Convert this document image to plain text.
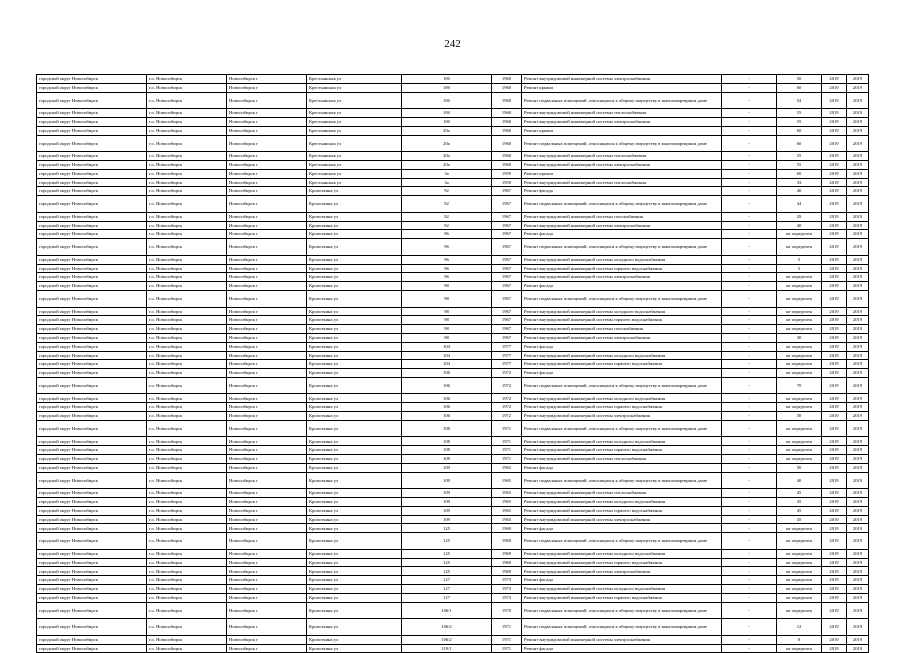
242
городской округ Новосибирск	г.о. Новосибирск	Новосибирск г	Крестьянская ул	18б	1960	Ремонт внутридомовой инженерной системы электроснабжения	-	50	2019	2019
городской округ Новосибирск	г.о. Новосибирск	Новосибирск г	Крестьянская ул	18б	1960	Ремонт крыши	-	60	2019	2019
городской округ Новосибирск	г.о. Новосибирск	Новосибирск г	Крестьянская ул	18б	1960	Ремонт подвальных помещений, относящихся к общему имуществу в многоквартирном доме	-	54	2019	2019
городской округ Новосибирск	г.о. Новосибирск	Новосибирск г	Крестьянская ул	18б	1960	Ремонт внутридомовой инженерной системы теплоснабжения	-	55	2019	2019
городской округ Новосибирск	г.о. Новосибирск	Новосибирск г	Крестьянская ул	18б	1960	Ремонт внутридомовой инженерной системы электроснабжения	-	55	2019	2019
городской округ Новосибирск	г.о. Новосибирск	Новосибирск г	Крестьянская ул	20а	1960	Ремонт крыши	-	60	2019	2019
городской округ Новосибирск	г.о. Новосибирск	Новосибирск г	Крестьянская ул	20а	1960	Ремонт подвальных помещений, относящихся к общему имуществу в многоквартирном доме	-	60	2019	2019
городской округ Новосибирск	г.о. Новосибирск	Новосибирск г	Крестьянская ул	20а	1960	Ремонт внутридомовой инженерной системы теплоснабжения	-	55	2019	2019
городской округ Новосибирск	г.о. Новосибирск	Новосибирск г	Крестьянская ул	20а	1960	Ремонт внутридомовой инженерной системы электроснабжения	-	55	2019	2019
городской округ Новосибирск	г.о. Новосибирск	Новосибирск г	Крестьянская ул	3а	1959	Ремонт крыши	-	60	2019	2019
городской округ Новосибирск	г.о. Новосибирск	Новосибирск г	Крестьянская ул	3а	1959	Ремонт внутридомовой инженерной системы теплоснабжения	-	33	2019	2019
городской округ Новосибирск	г.о. Новосибирск	Новосибирск г	Кропоткина ул	92	1967	Ремонт фасада	-	40	2019	2019
городской округ Новосибирск	г.о. Новосибирск	Новосибирск г	Кропоткина ул	92	1967	Ремонт подвальных помещений, относящихся к общему имуществу в многоквартирном доме	-	34	2019	2019
городской округ Новосибирск	г.о. Новосибирск	Новосибирск г	Кропоткина ул	92	1967	Ремонт внутридомовой инженерной системы газоснабжения	-	29	2019	2019
городской округ Новосибирск	г.о. Новосибирск	Новосибирск г	Кропоткина ул	92	1967	Ремонт внутридомовой инженерной системы электроснабжения	-	40	2019	2019
городской округ Новосибирск	г.о. Новосибирск	Новосибирск г	Кропоткина ул	96	1967	Ремонт фасада	-	не определен	2019	2019
городской округ Новосибирск	г.о. Новосибирск	Новосибирск г	Кропоткина ул	96	1967	Ремонт подвальных помещений, относящихся к общему имуществу в многоквартирном доме	-	не определен	2019	2019
городской округ Новосибирск	г.о. Новосибирск	Новосибирск г	Кропоткина ул	96	1967	Ремонт внутридомовой инженерной системы холодного водоснабжения	-	5	2019	2019
городской округ Новосибирск	г.о. Новосибирск	Новосибирск г	Кропоткина ул	96	1967	Ремонт внутридомовой инженерной системы горячего водоснабжения	-	5	2019	2019
городской округ Новосибирск	г.о. Новосибирск	Новосибирск г	Кропоткина ул	96	1967	Ремонт внутридомовой инженерной системы электроснабжения	-	не определен	2019	2019
городской округ Новосибирск	г.о. Новосибирск	Новосибирск г	Кропоткина ул	98	1967	Ремонт фасада	-	не определен	2019	2019
городской округ Новосибирск	г.о. Новосибирск	Новосибирск г	Кропоткина ул	98	1967	Ремонт подвальных помещений, относящихся к общему имуществу в многоквартирном доме	-	не определен	2019	2019
городской округ Новосибирск	г.о. Новосибирск	Новосибирск г	Кропоткина ул	98	1967	Ремонт внутридомовой инженерной системы холодного водоснабжения	-	не определен	2019	2019
городской округ Новосибирск	г.о. Новосибирск	Новосибирск г	Кропоткина ул	98	1967	Ремонт внутридомовой инженерной системы горячего водоснабжения	-	не определен	2019	2019
городской округ Новосибирск	г.о. Новосибирск	Новосибирск г	Кропоткина ул	98	1967	Ремонт внутридомовой инженерной системы газоснабжения	-	не определен	2019	2019
городской округ Новосибирск	г.о. Новосибирск	Новосибирск г	Кропоткина ул	98	1967	Ремонт внутридомовой инженерной системы электроснабжения	-	30	2019	2019
городской округ Новосибирск	г.о. Новосибирск	Новосибирск г	Кропоткина ул	104	1977	Ремонт фасада	-	не определен	2019	2019
городской округ Новосибирск	г.о. Новосибирск	Новосибирск г	Кропоткина ул	104	1977	Ремонт внутридомовой инженерной системы холодного водоснабжения	-	не определен	2019	2019
городской округ Новосибирск	г.о. Новосибирск	Новосибирск г	Кропоткина ул	104	1977	Ремонт внутридомовой инженерной системы горячего водоснабжения	-	не определен	2019	2019
городской округ Новосибирск	г.о. Новосибирск	Новосибирск г	Кропоткина ул	106	1972	Ремонт фасада	-	не определен	2019	2019
городской округ Новосибирск	г.о. Новосибирск	Новосибирск г	Кропоткина ул	106	1972	Ремонт подвальных помещений, относящихся к общему имуществу в многоквартирном доме	-	70	2019	2019
городской округ Новосибирск	г.о. Новосибирск	Новосибирск г	Кропоткина ул	106	1972	Ремонт внутридомовой инженерной системы холодного водоснабжения	-	не определен	2019	2019
городской округ Новосибирск	г.о. Новосибирск	Новосибирск г	Кропоткина ул	106	1972	Ремонт внутридомовой инженерной системы горячего водоснабжения	-	не определен	2019	2019
городской округ Новосибирск	г.о. Новосибирск	Новосибирск г	Кропоткина ул	106	1972	Ремонт внутридомовой инженерной системы электроснабжения	-	30	2019	2019
городской округ Новосибирск	г.о. Новосибирск	Новосибирск г	Кропоткина ул	108	1971	Ремонт подвальных помещений, относящихся к общему имуществу в многоквартирном доме	-	не определен	2019	2019
городской округ Новосибирск	г.о. Новосибирск	Новосибирск г	Кропоткина ул	108	1971	Ремонт внутридомовой инженерной системы холодного водоснабжения	-	не определен	2019	2019
городской округ Новосибирск	г.о. Новосибирск	Новосибирск г	Кропоткина ул	108	1971	Ремонт внутридомовой инженерной системы горячего водоснабжения	-	не определен	2019	2019
городской округ Новосибирск	г.о. Новосибирск	Новосибирск г	Кропоткина ул	108	1971	Ремонт внутридомовой инженерной системы теплоснабжения	-	не определен	2019	2019
городской округ Новосибирск	г.о. Новосибирск	Новосибирск г	Кропоткина ул	109	1965	Ремонт фасада	-	50	2019	2019
городской округ Новосибирск	г.о. Новосибирск	Новосибирск г	Кропоткина ул	109	1965	Ремонт подвальных помещений, относящихся к общему имуществу в многоквартирном доме	-	40	2019	2019
городской округ Новосибирск	г.о. Новосибирск	Новосибирск г	Кропоткина ул	109	1965	Ремонт внутридомовой инженерной системы теплоснабжения	-	45	2019	2019
городской округ Новосибирск	г.о. Новосибирск	Новосибирск г	Кропоткина ул	109	1965	Ремонт внутридомовой инженерной системы холодного водоснабжения	-	45	2019	2019
городской округ Новосибирск	г.о. Новосибирск	Новосибирск г	Кропоткина ул	109	1965	Ремонт внутридомовой инженерной системы горячего водоснабжения	-	45	2019	2019
городской округ Новосибирск	г.о. Новосибирск	Новосибирск г	Кропоткина ул	109	1965	Ремонт внутридомовой инженерной системы электроснабжения	-	45	2019	2019
городской округ Новосибирск	г.о. Новосибирск	Новосибирск г	Кропоткина ул	125	1969	Ремонт фасада	-	не определен	2019	2019
городской округ Новосибирск	г.о. Новосибирск	Новосибирск г	Кропоткина ул	125	1969	Ремонт подвальных помещений, относящихся к общему имуществу в многоквартирном доме	-	не определен	2019	2019
городской округ Новосибирск	г.о. Новосибирск	Новосибирск г	Кропоткина ул	125	1969	Ремонт внутридомовой инженерной системы холодного водоснабжения	-	не определен	2019	2019
городской округ Новосибирск	г.о. Новосибирск	Новосибирск г	Кропоткина ул	125	1969	Ремонт внутридомовой инженерной системы горячего водоснабжения	-	не определен	2019	2019
городской округ Новосибирск	г.о. Новосибирск	Новосибирск г	Кропоткина ул	125	1969	Ремонт внутридомовой инженерной системы электроснабжения	-	не определен	2019	2019
городской округ Новосибирск	г.о. Новосибирск	Новосибирск г	Кропоткина ул	127	1973	Ремонт фасада	-	не определен	2019	2019
городской округ Новосибирск	г.о. Новосибирск	Новосибирск г	Кропоткина ул	127	1973	Ремонт внутридомовой инженерной системы холодного водоснабжения	-	не определен	2019	2019
городской округ Новосибирск	г.о. Новосибирск	Новосибирск г	Кропоткина ул	127	1973	Ремонт внутридомовой инженерной системы горячего водоснабжения	-	не определен	2019	2019
городской округ Новосибирск	г.о. Новосибирск	Новосибирск г	Кропоткина ул	106/1	1970	Ремонт подвальных помещений, относящихся к общему имуществу в многоквартирном доме	-	не определен	2019	2019
городской округ Новосибирск	г.о. Новосибирск	Новосибирск г	Кропоткина ул	106/2	1971	Ремонт подвальных помещений, относящихся к общему имуществу в многоквартирном доме	-	12	2019	2019
городской округ Новосибирск	г.о. Новосибирск	Новосибирск г	Кропоткина ул	106/2	1971	Ремонт внутридомовой инженерной системы электроснабжения	-	0	2019	2019
городской округ Новосибирск	г.о. Новосибирск	Новосибирск г	Кропоткина ул	119/1	1971	Ремонт фасада	-	не определен	2019	2019
